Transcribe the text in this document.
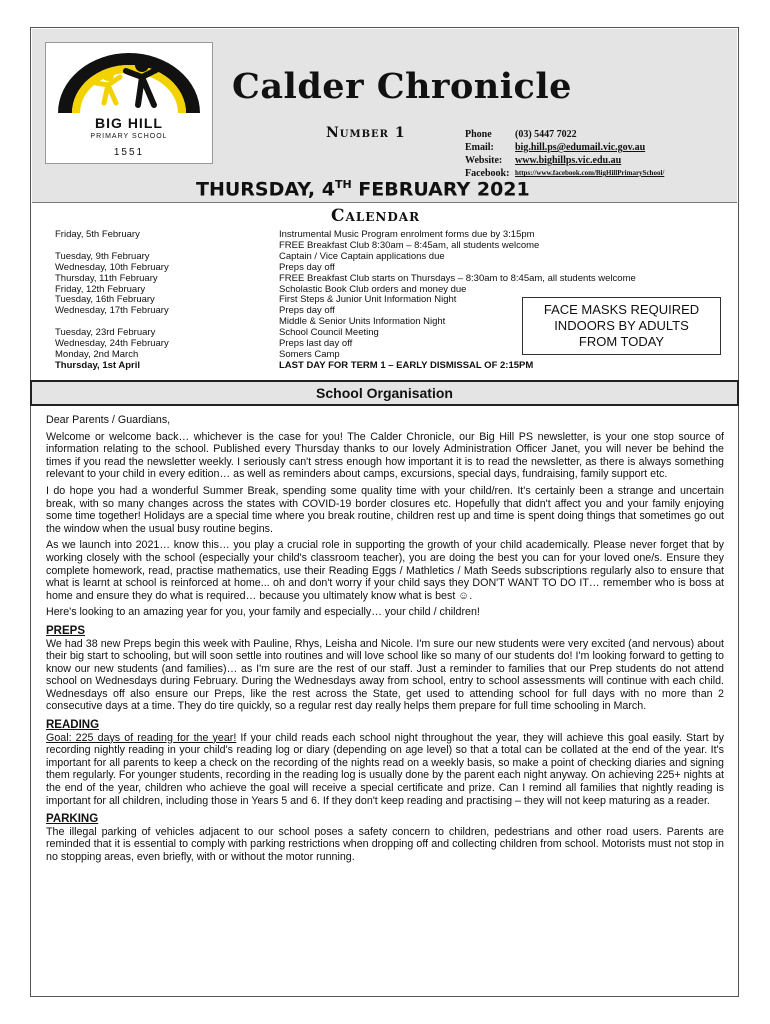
BIG HILL
PRIMARY SCHOOL
1551
Calder Chronicle
Number 1	Phone	(03) 5447 7022
Email:	big.hill.ps@edumail.vic.gov.au
Website:	www.bighillps.vic.edu.au
Facebook: https://www.facebook.com/BigHillPrimarySchool/
THURSDAY, 4TH FEBRUARY 2021
Calendar
Friday, 5th February	Instrumental Music Program enrolment forms due by 3:15pm
FREE Breakfast Club 8:30am – 8:45am, all students welcome
Tuesday, 9th February	Captain / Vice Captain applications due
Wednesday, 10th February	Preps day off
Thursday, 11th February	FREE Breakfast Club starts on Thursdays – 8:30am to 8:45am, all students welcome
Friday, 12th February	Scholastic Book Club orders and money due
Tuesday, 16th February	First Steps & Junior Unit Information Night
Wednesday, 17th February	Preps day off
Middle & Senior Units Information Night
Tuesday, 23rd February	School Council Meeting
Wednesday, 24th February	Preps last day off
Monday, 2nd March	Somers Camp
Thursday, 1st April	LAST DAY FOR TERM 1 – EARLY DISMISSAL OF 2:15PM
FACE MASKS REQUIRED
INDOORS BY ADULTS
FROM TODAY
School Organisation

Dear Parents / Guardians,

Welcome or welcome back… whichever is the case for you! The Calder Chronicle, our Big Hill PS newsletter, is your one stop source of information relating to the school. Published every Thursday thanks to our lovely Administration Officer Janet, you will never be behind the times if you read the newsletter weekly. I seriously can't stress enough how important it is to read the newsletter, as there is always something relevant to your child in every edition… as well as reminders about camps, excursions, special days, fundraising, family support etc.

I do hope you had a wonderful Summer Break, spending some quality time with your child/ren. It's certainly been a strange and uncertain break, with so many changes across the states with COVID-19 border closures etc. Hopefully that didn't affect you and your family enjoying some time together! Holidays are a special time where you break routine, children rest up and time is spent doing things that sometimes go out the window when the usual busy routine begins.

As we launch into 2021… know this… you play a crucial role in supporting the growth of your child academically. Please never forget that by working closely with the school (especially your child's classroom teacher), you are doing the best you can for your loved one/s. Ensure they complete homework, read, practise mathematics, use their Reading Eggs / Mathletics / Math Seeds subscriptions regularly also to ensure that what is learnt at school is reinforced at home... oh and don't worry if your child says they DON'T WANT TO DO IT… remember who is boss at home and ensure they do what is required… because you ultimately know what is best ☺.

Here's looking to an amazing year for you, your family and especially… your child / children!

PREPS

We had 38 new Preps begin this week with Pauline, Rhys, Leisha and Nicole. I'm sure our new students were very excited (and nervous) about their big start to schooling, but will soon settle into routines and will love school like so many of our students do! I'm looking forward to getting to know our new students (and families)… as I'm sure are the rest of our staff. Just a reminder to families that our Prep students do not attend school on Wednesdays during February. During the Wednesdays away from school, entry to school assessments will continue with each child. Wednesdays off also ensure our Preps, like the rest across the State, get used to attending school for full days with no more than 2 consecutive days at a time. They do tire quickly, so a regular rest day really helps them prepare for full time schooling in March.

READING

Goal: 225 days of reading for the year! If your child reads each school night throughout the year, they will achieve this goal easily. Start by recording nightly reading in your child's reading log or diary (depending on age level) so that a total can be collated at the end of the year. It's important for all parents to keep a check on the recording of the nights read on a weekly basis, so make a point of checking diaries and signing them regularly. For younger students, recording in the reading log is usually done by the parent each night anyway. On achieving 225+ nights at the end of the year, children who achieve the goal will receive a special certificate and prize. Can I remind all families that nightly reading is important for all children, including those in Years 5 and 6. If they don't keep reading and practising – they will not keep maturing as a reader.

PARKING

The illegal parking of vehicles adjacent to our school poses a safety concern to children, pedestrians and other road users. Parents are reminded that it is essential to comply with parking restrictions when dropping off and collecting children from school. Motorists must not stop in no stopping areas, even briefly, with or without the motor running.
